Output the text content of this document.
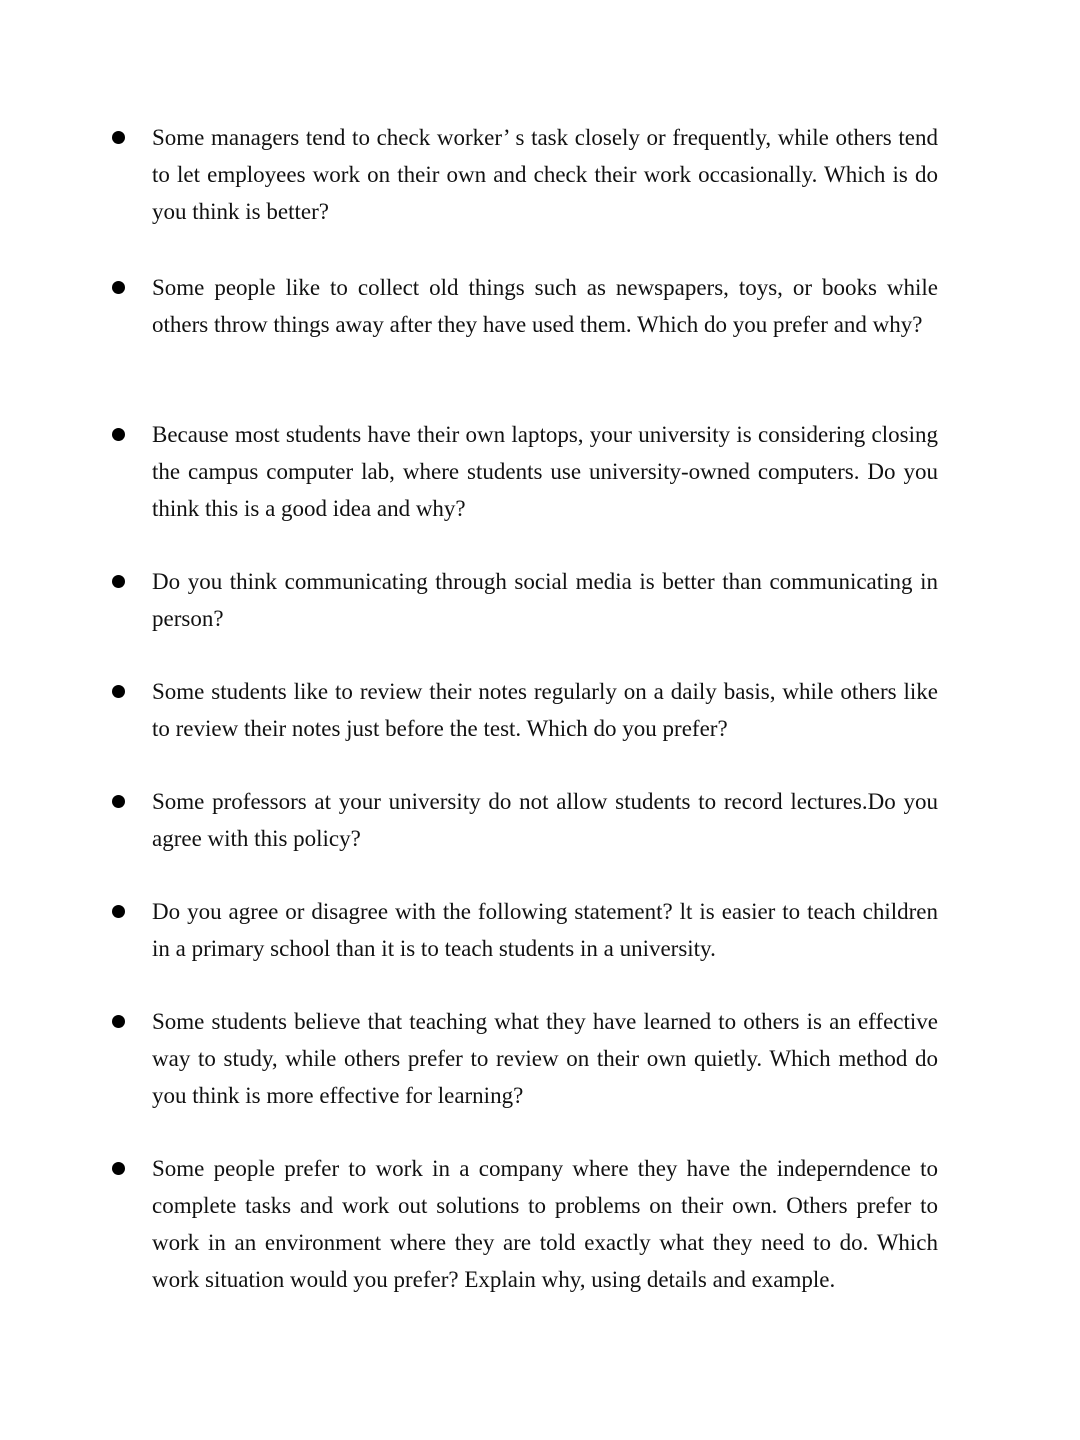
Some managers tend to check worker’ s task closely or frequently, while others tend to let employees work on their own and check their work occasionally. Which is do you think is better?

Some people like to collect old things such as newspapers, toys, or books while others throw things away after they have used them. Which do you prefer and why?

Because most students have their own laptops, your university is considering closing the campus computer lab, where students use university-owned computers. Do you think this is a good idea and why?

Do you think communicating through social media is better than communicating in person?

Some students like to review their notes regularly on a daily basis, while others like to review their notes just before the test. Which do you prefer?

Some professors at your university do not allow students to record lectures.Do you agree with this policy?

Do you agree or disagree with the following statement? lt is easier to teach children in a primary school than it is to teach students in a university.

Some students believe that teaching what they have learned to others is an effective way to study, while others prefer to review on their own quietly. Which method do you think is more effective for learning?

Some people prefer to work in a company where they have the indeperndence to complete tasks and work out solutions to problems on their own. Others prefer to work in an environment where they are told exactly what they need to do. Which work situation would you prefer? Explain why, using details and example.
